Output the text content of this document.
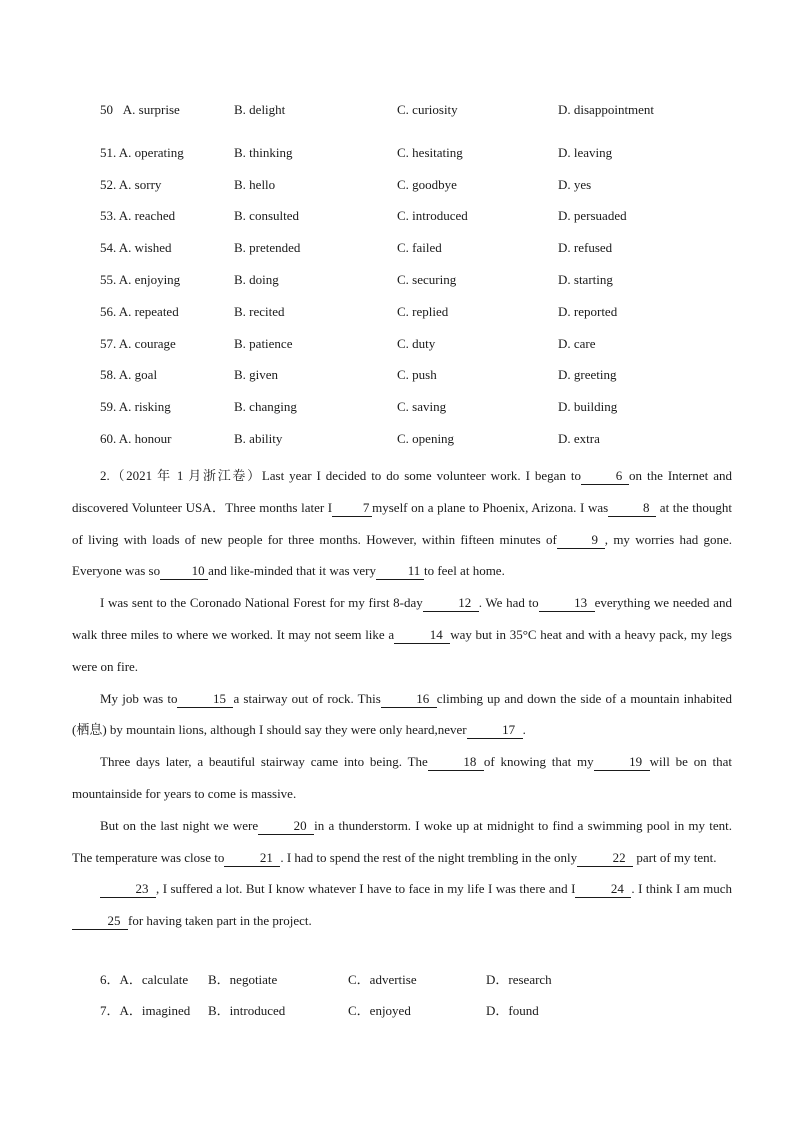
50 A. surprise	B. delight	C. curiosity	D. disappointment
51. A. operating	B. thinking	C. hesitating	D. leaving
52. A. sorry	B. hello	C. goodbye	D. yes
53. A. reached	B. consulted	C. introduced	D. persuaded
54. A. wished	B. pretended	C. failed	D. refused
55. A. enjoying	B. doing	C. securing	D. starting
56. A. repeated	B. recited	C. replied	D. reported
57. A. courage	B. patience	C. duty	D. care
58. A. goal	B. given	C. push	D. greeting
59. A. risking	B. changing	C. saving	D. building
60. A. honour	B. ability	C. opening	D. extra

2.（2021 年 1 月浙江卷）Last year I decided to do some volunteer work. I began to	6 on the Internet and discovered Volunteer USA．Three months later I 7 myself on a plane to Phoenix, Arizona. I was	8 at the thought of living with loads of new people for three months. However, within fifteen minutes of	9 , my worries had gone. Everyone was so 10 and like-minded that it was very 11 to feel at home.

I was sent to the Coronado National Forest for my first 8-day	12 . We had to	13 everything we needed and walk three miles to where we worked. It may not seem like a	14 way but in 35°C heat and with a heavy pack, my legs were on fire.

My job was to	15 a stairway out of rock. This	16 climbing up and down the side of a mountain inhabited (栖息) by mountain lions, although I should say they were only heard,never	17 .

Three days later, a beautiful stairway came into being. The	18 of knowing that my	19 will be on that mountainside for years to come is massive.

But on the last night we were	20 in a thunderstorm. I woke up at midnight to find a swimming pool in my tent. The temperature was close to	21 . I had to spend the rest of the night trembling in the only	22 part of my tent.

23 , I suffered a lot. But I know whatever I have to face in my life I was there and I	24 . I think I am much25 for having taken part in the project.

6．A．calculate B．negotiate	C．advertise	D．research
7．A．imagined B．introduced	C．enjoyed	D．found
